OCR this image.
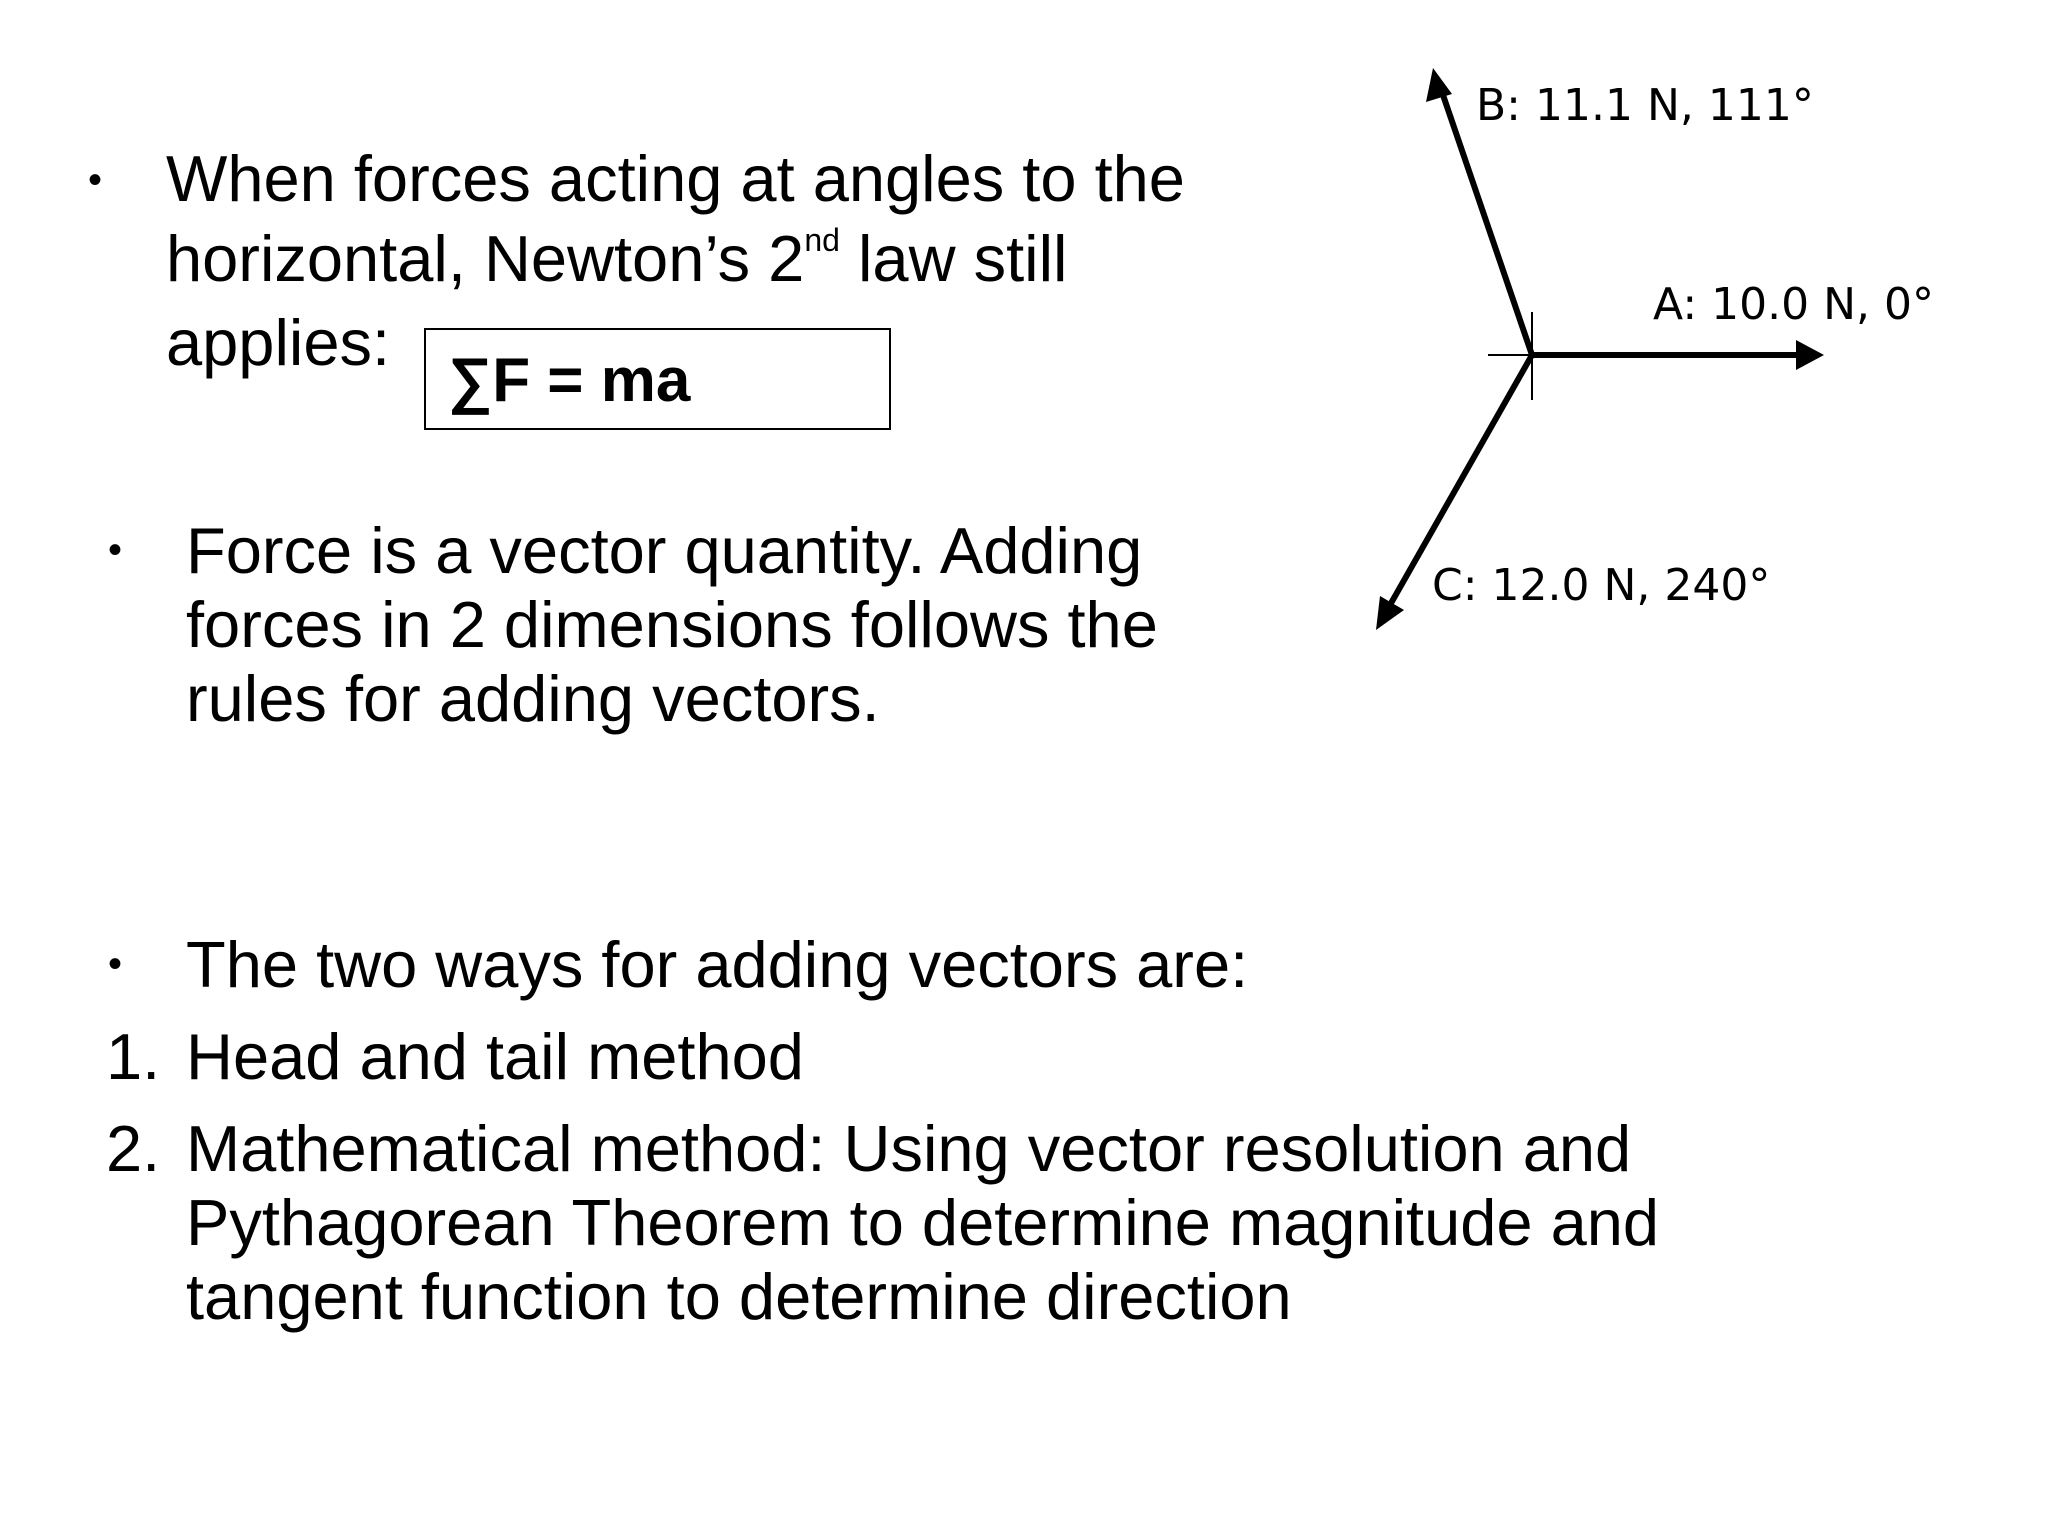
• When forces acting at angles to the
horizontal, Newton’s 2nd law still
applies:
∑F = ma
• Force is a vector quantity. Adding
forces in 2 dimensions follows the
rules for adding vectors.
• The two ways for adding vectors are:
1. Head and tail method
2. Mathematical method: Using vector resolution and
Pythagorean Theorem to determine magnitude and
tangent function to determine direction
A: 10.0 N, 0°
B: 11.1 N, 111°
C: 12.0 N, 240°
